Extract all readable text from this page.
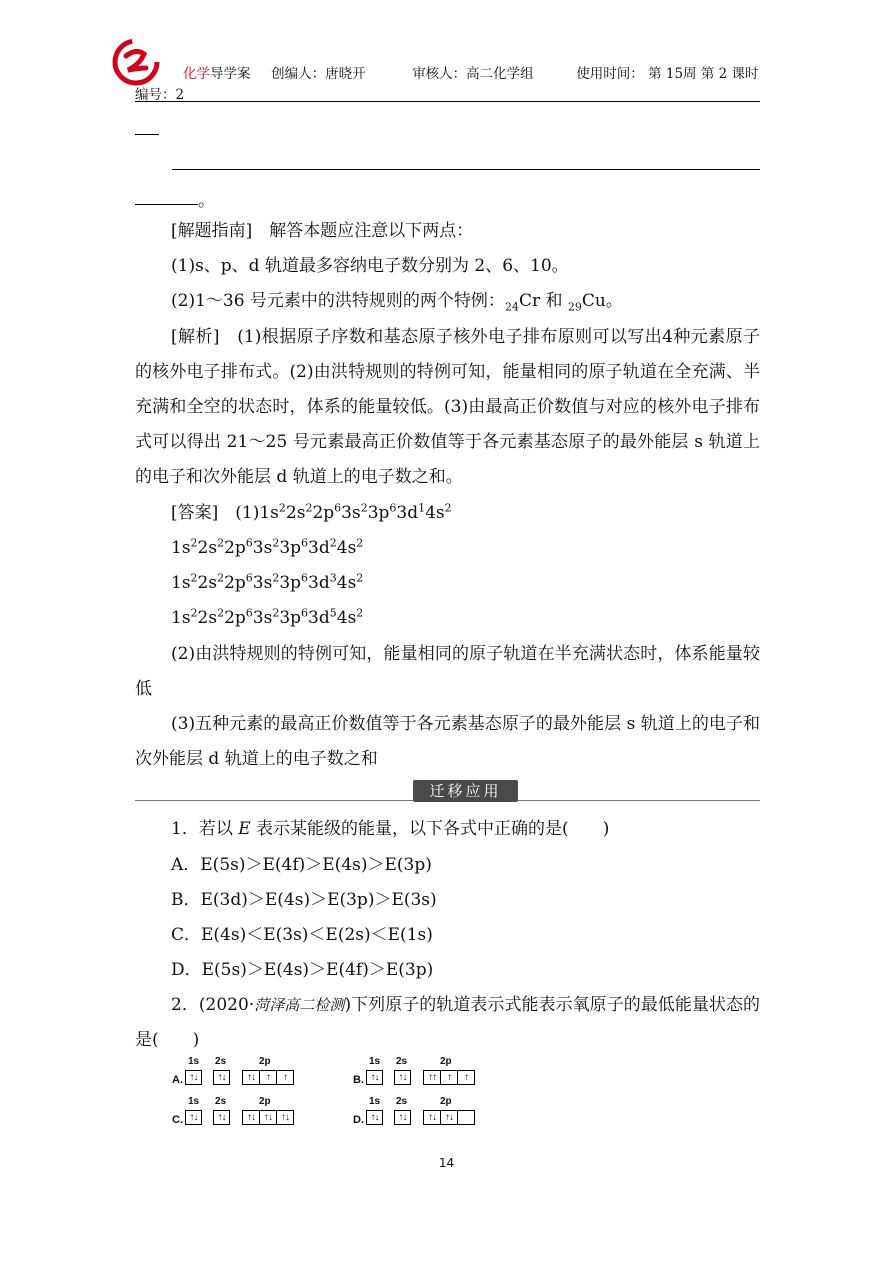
化学导学案 创编人：唐晓开	审核人：高二化学组	使用时间： 第 15周 第 2 课时
编号：2
。
[解题指南]　解答本题应注意以下两点：
(1)s、p、d 轨道最多容纳电子数分别为 2、6、10。
(2)1～36 号元素中的洪特规则的两个特例：$_{24}$Cr 和 $_{29}$Cu。
[解析]　(1)根据原子序数和基态原子核外电子排布原则可以写出4种元素原子的核外电子排布式。(2)由洪特规则的特例可知，能量相同的原子轨道在全充满、半充满和全空的状态时，体系的能量较低。(3)由最高正价数值与对应的核外电子排布式可以得出 21～25 号元素最高正价数值等于各元素基态原子的最外能层 s 轨道上的电子和次外能层 d 轨道上的电子数之和。
[答案]　$(1)1s^22s^22p^63s^23p^63d^14s^2$
$1s^22s^22p^63s^23p^63d^24s^2$
$1s^22s^22p^63s^23p^63d^34s^2$
$1s^22s^22p^63s^23p^63d^54s^2$
(2)由洪特规则的特例可知，能量相同的原子轨道在半充满状态时，体系能量较低
(3)五种元素的最高正价数值等于各元素基态原子的最外能层 s 轨道上的电子和次外能层 d 轨道上的电子数之和
迁移应用
1．若以 E 表示某能级的能量，以下各式中正确的是(　　)
A．E(5s)＞E(4f)＞E(4s)＞E(3p)
B．E(3d)＞E(4s)＞E(3p)＞E(3s)
C．E(4s)＜E(3s)＜E(2s)＜E(1s)
D．E(5s)＞E(4s)＞E(4f)＞E(3p)
2．(2020·菏泽高二检测)下列原子的轨道表示式能表示氧原子的最低能量状态的是(　　)
A.
1s 2s	2p
↑↓	↑↓	↑↓	↑	↑	B.
1s 2s	2p
↑↓	↑↓	↑↑	↑	↑
C.
1s 2s	2p
↑↓	↑↓	↑↓ ↑↓ ↑↓	D.
1s 2s	2p
↑↓	↑↓	↑↓ ↑↓
14
